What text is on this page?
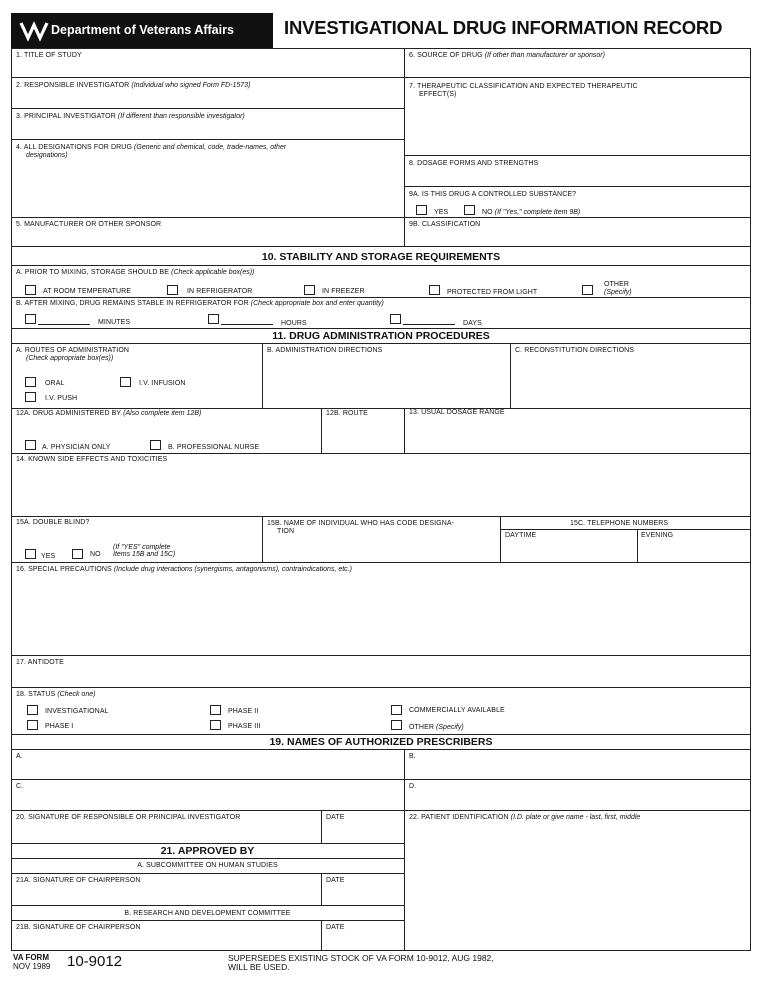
Department of Veterans Affairs	INVESTIGATIONAL DRUG INFORMATION RECORD
1. TITLE OF STUDY
2. RESPONSIBLE INVESTIGATOR (Individual who signed Form FD-1573)
3. PRINCIPAL INVESTIGATOR (If different than responsible investigator)
4. ALL DESIGNATIONS FOR DRUG (Generic and chemical, code, trade-names, other
designations)
5. MANUFACTURER OR OTHER SPONSOR
6. SOURCE OF DRUG (If other than manufacturer or sponsor)
7. THERAPEUTIC CLASSIFICATION AND EXPECTED THERAPEUTIC
EFFECT(S)
8. DOSAGE FORMS AND STRENGTHS
9A. IS THIS DRUG A CONTROLLED SUBSTANCE?
YES	NO (If "Yes," complete Item 9B)
9B. CLASSIFICATION
10. STABILITY AND STORAGE REQUIREMENTS
A. PRIOR TO MIXING, STORAGE SHOULD BE (Check applicable box(es))
AT ROOM TEMPERATURE	IN REFRIGERATOR	IN FREEZER	PROTECTED FROM LIGHT
OTHER
(Specify)
B. AFTER MIXING, DRUG REMAINS STABLE IN REFRIGERATOR FOR (Check appropriate box and enter quantity)
MINUTES	HOURS	DAYS
11. DRUG ADMINISTRATION PROCEDURES
A. ROUTES OF ADMINISTRATION
(Check appropriate box(es))
ORAL	I.V. INFUSION
I.V. PUSH
B. ADMINISTRATION DIRECTIONS	C. RECONSTITUTION DIRECTIONS
12A. DRUG ADMINISTERED BY (Also complete item 12B)
A. PHYSICIAN ONLY	B. PROFESSIONAL NURSE
12B. ROUTE	13. USUAL DOSAGE RANGE
14. KNOWN SIDE EFFECTS AND TOXICITIES
15A. DOUBLE BLIND?
YES	NO
(If "YES" complete
Items 15B and 15C)
15B. NAME OF INDIVIDUAL WHO HAS CODE DESIGNA-
TION
15C. TELEPHONE NUMBERS
DAYTIME	EVENING
16. SPECIAL PRECAUTIONS (Include drug interactions (synergisms, antagonisms), contraindications, etc.)
17. ANTIDOTE
18. STATUS (Check one)
INVESTIGATIONAL
PHASE I
PHASE II
PHASE III
COMMERCIALLY AVAILABLE
OTHER (Specify)
19. NAMES OF AUTHORIZED PRESCRIBERS
A.	B.
C.	D.
20. SIGNATURE OF RESPONSIBLE OR PRINCIPAL INVESTIGATOR	DATE	22. PATIENT IDENTIFICATION (I.D. plate or give name - last, first, middle
21. APPROVED BY
A. SUBCOMMITTEE ON HUMAN STUDIES
21A. SIGNATURE OF CHAIRPERSON	DATE
B. RESEARCH AND DEVELOPMENT COMMITTEE
21B. SIGNATURE OF CHAIRPERSON	DATE
VA FORM
NOV 1989 10-9012	SUPERSEDES EXISTING STOCK OF VA FORM 10-9012, AUG 1982,
WILL BE USED.
